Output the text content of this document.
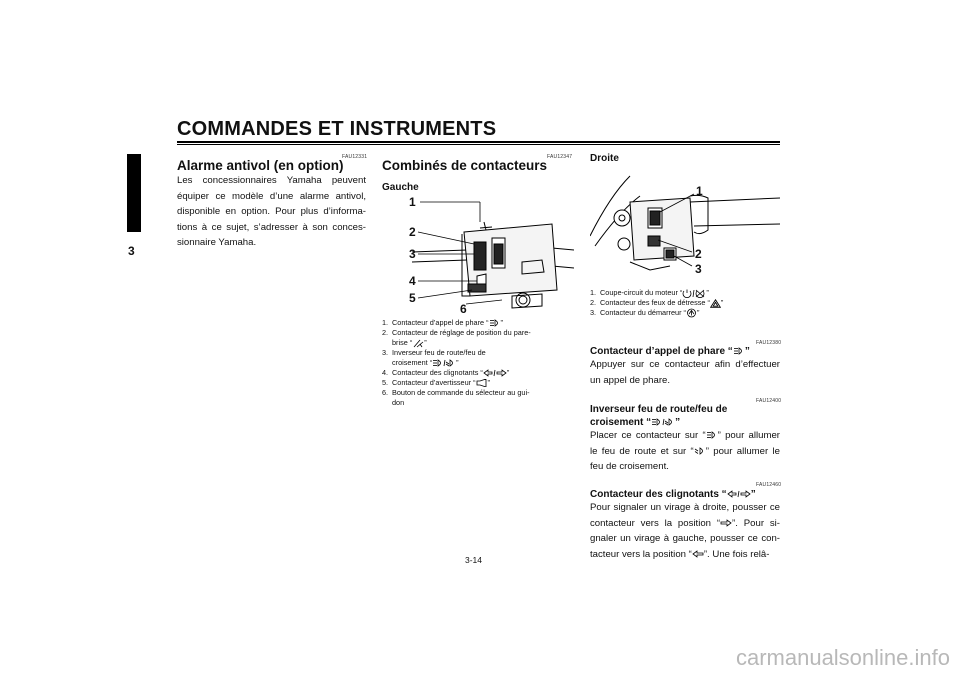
COMMANDES ET INSTRUMENTS
3
FAU12331
Alarme antivol (en option)
Les concessionnaires Yamaha peuvent équiper ce modèle d’une alarme antivol, disponible en option. Pour plus d’informa-tions à ce sujet, s’adresser à son conces-sionnaire Yamaha.
FAU12347
Combinés de contacteurs
Gauche
1
2
3
4
5
6
1. Contacteur d’appel de phare “ ”
2. Contacteur de réglage de position du pare-
brise “ ”
3. Inverseur feu de route/feu de
croisement “	”
4. Contacteur des clignotants “	”
5. Contacteur d’avertisseur “ ”
6. Bouton de commande du sélecteur au gui-
don
Droite
1
2
3
1. Coupe-circuit du moteur “	”
2. Contacteur des feux de détresse “ ”
3. Contacteur du démarreur “ ”
FAU12380
Contacteur d’appel de phare “ ”
Appuyer sur ce contacteur afin d’effectuer un appel de phare.
FAU12400
Inverseur feu de route/feu de
croisement “ ”
Placer ce contacteur sur “ ” pour allumer le feu de route et sur “ ” pour allumer le feu de croisement.
FAU12460
Contacteur des clignotants “ ”
Pour signaler un virage à droite, pousser ce contacteur vers la position “ ”. Pour si-gnaler un virage à gauche, pousser ce con-tacteur vers la position “ ”. Une fois relâ-
3-14
carmanualsonline.info
